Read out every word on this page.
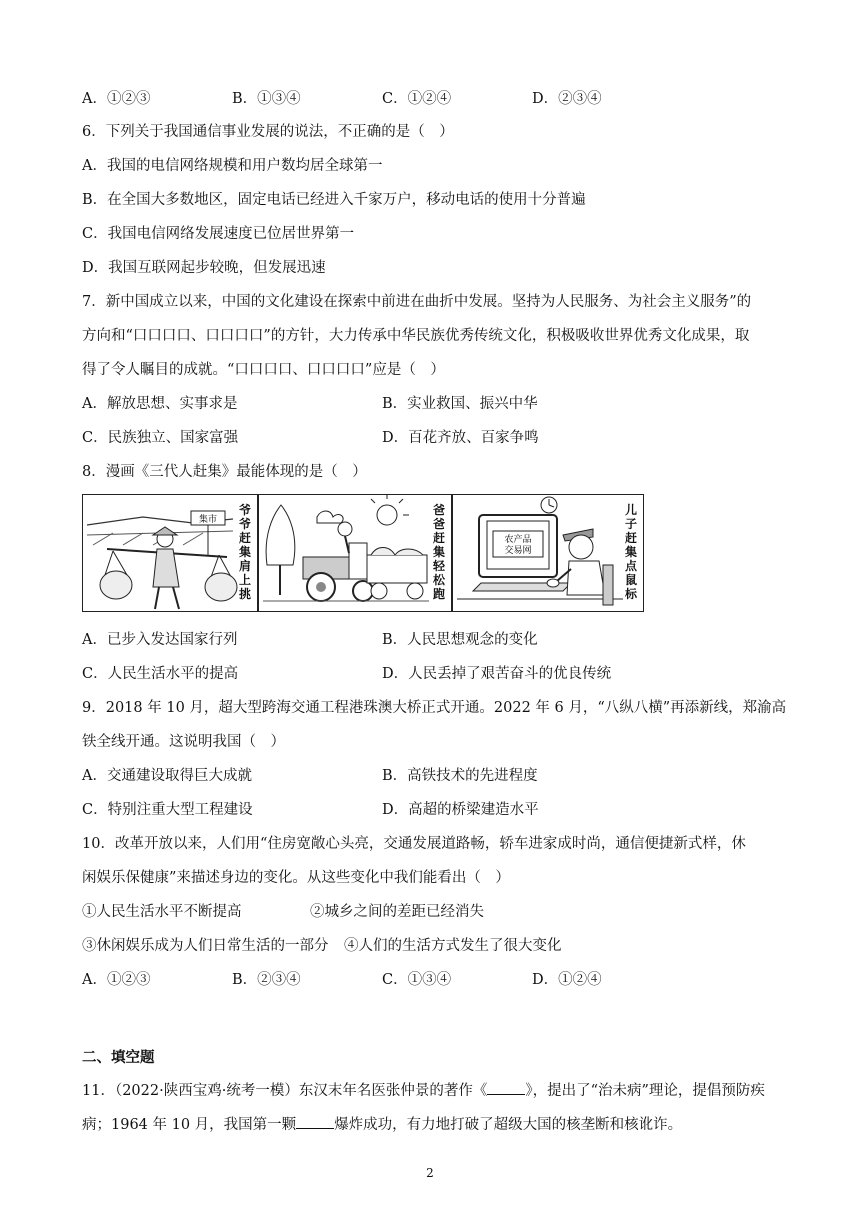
A．①②③	B．①③④	C．①②④	D．②③④
6．下列关于我国通信事业发展的说法，不正确的是（　）
A．我国的电信网络规模和用户数均居全球第一
B．在全国大多数地区，固定电话已经进入千家万户，移动电话的使用十分普遍
C．我国电信网络发展速度已位居世界第一
D．我国互联网起步较晚，但发展迅速
7．新中国成立以来，中国的文化建设在探索中前进在曲折中发展。坚持为人民服务、为社会主义服务”的
方向和“口口口口、口口口口”的方针，大力传承中华民族优秀传统文化，积极吸收世界优秀文化成果，取
得了令人瞩目的成就。“口口口口、口口口口”应是（　）
A．解放思想、实事求是	B．实业救国、振兴中华
C．民族独立、国家富强	D．百花齐放、百家争鸣
8．漫画《三代人赶集》最能体现的是（　）
集市
爷爷赶集肩上挑
爸爸赶集轻松跑
农产品
交易网
儿子赶集点鼠标
A．已步入发达国家行列	B．人民思想观念的变化
C．人民生活水平的提高	D．人民丢掉了艰苦奋斗的优良传统
9．2018 年 10 月，超大型跨海交通工程港珠澳大桥正式开通。2022 年 6 月，“八纵八横”再添新线，郑渝高
铁全线开通。这说明我国（　）
A．交通建设取得巨大成就	B．高铁技术的先进程度
C．特别注重大型工程建设	D．高超的桥梁建造水平
10．改革开放以来，人们用“住房宽敞心头亮，交通发展道路畅，轿车进家成时尚，通信便捷新式样，休
闲娱乐保健康”来描述身边的变化。从这些变化中我们能看出（　）
①人民生活水平不断提高	②城乡之间的差距已经消失
③休闲娱乐成为人们日常生活的一部分 ④人们的生活方式发生了很大变化
A．①②③	B．②③④	C．①③④	D．①②④
二、填空题
11．（2022·陕西宝鸡·统考一模）东汉末年名医张仲景的著作《	》，提出了“治未病”理论，提倡预防疾
病；1964 年 10 月，我国第一颗	爆炸成功，有力地打破了超级大国的核垄断和核讹诈。
2
